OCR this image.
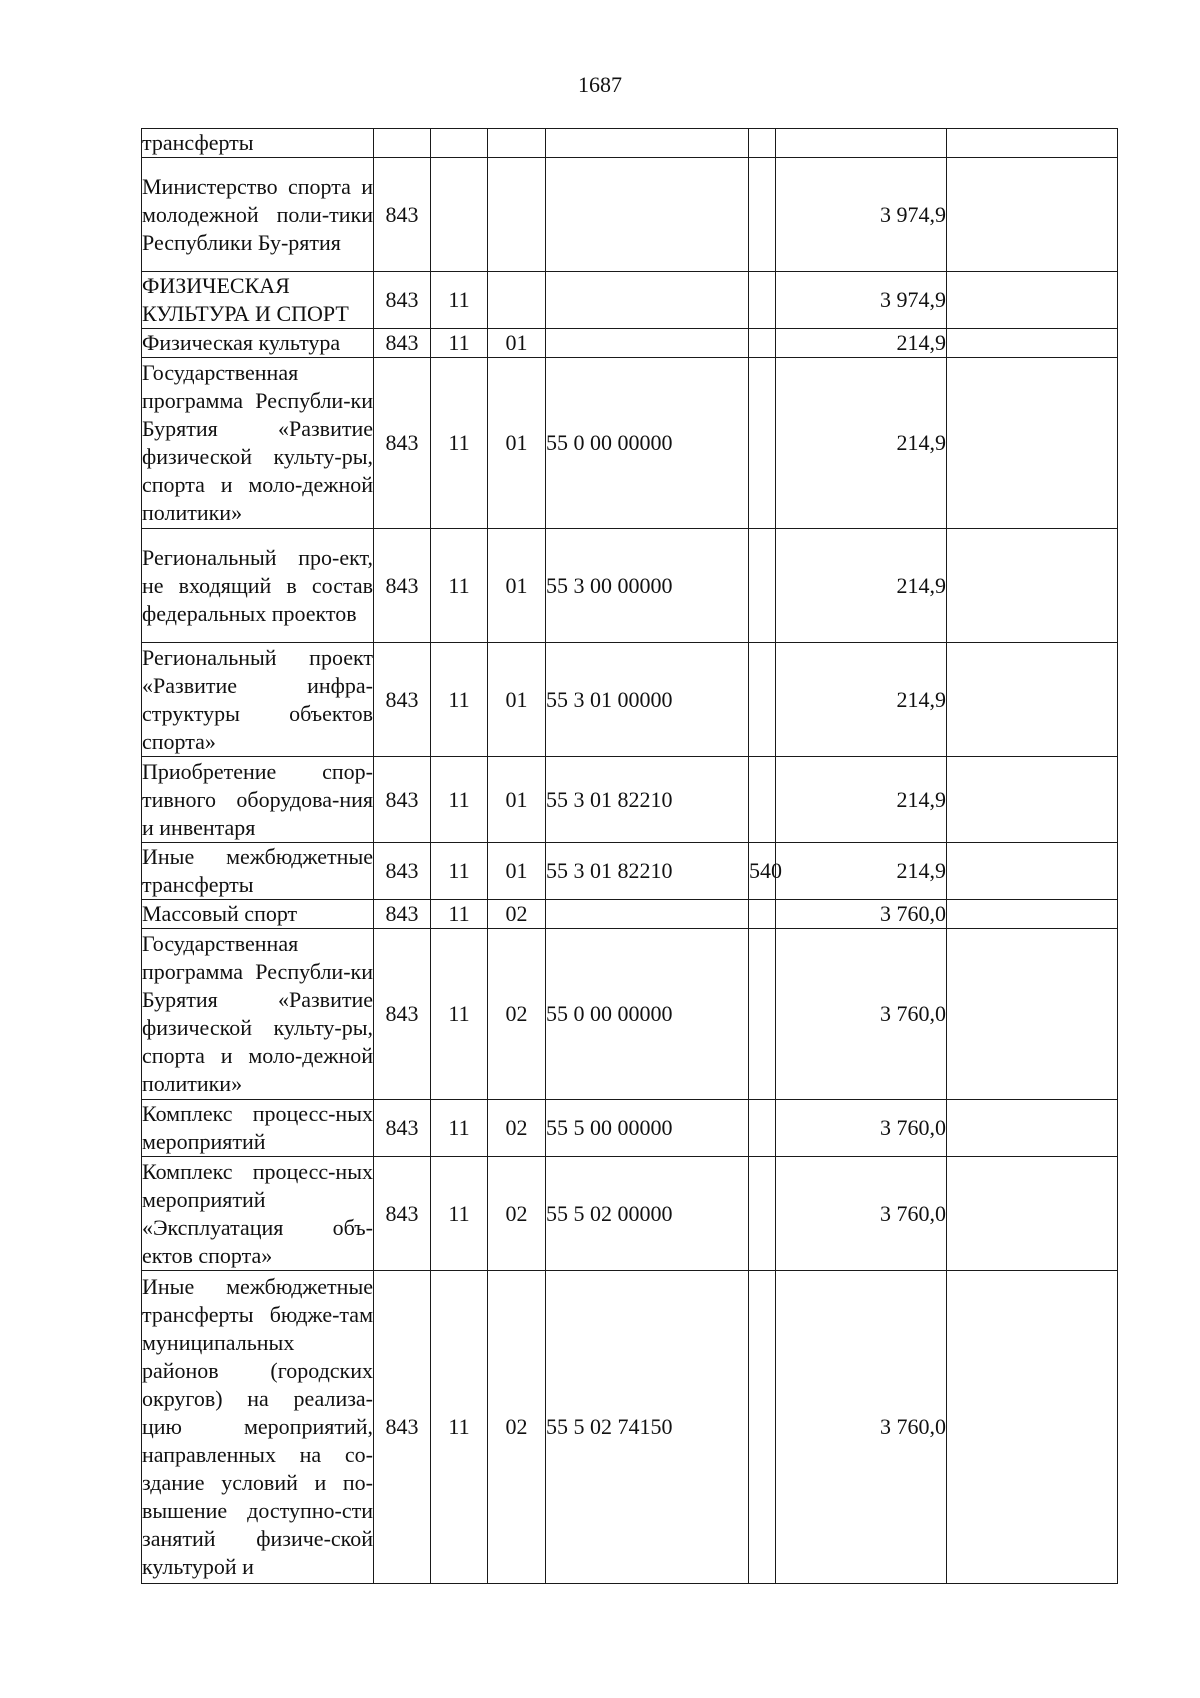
1687
трансферты							
Министерство спорта и молодежной поли-тики Республики Бу-рятия	843					3 974,9	
ФИЗИЧЕСКАЯ КУЛЬТУРА И СПОРТ	843	11				3 974,9	
Физическая культура	843	11	01			214,9	
Государственная программа Республи-ки Бурятия «Развитие физической культу-ры, спорта и моло-дежной политики»	843	11	01	55 0 00 00000		214,9	
Региональный про-ект, не входящий в состав федеральных проектов	843	11	01	55 3 00 00000		214,9	
Региональный проект «Развитие инфра-структуры объектов спорта»	843	11	01	55 3 01 00000		214,9	
Приобретение спор-тивного оборудова-ния и инвентаря	843	11	01	55 3 01 82210		214,9	
Иные межбюджетные трансферты	843	11	01	55 3 01 82210	540	214,9	
Массовый спорт	843	11	02			3 760,0	
Государственная программа Республи-ки Бурятия «Развитие физической культу-ры, спорта и моло-дежной политики»	843	11	02	55 0 00 00000		3 760,0	
Комплекс процесс-ных мероприятий	843	11	02	55 5 00 00000		3 760,0	
Комплекс процесс-ных мероприятий «Эксплуатация объ-ектов спорта»	843	11	02	55 5 02 00000		3 760,0	
Иные межбюджетные трансферты бюдже-там муниципальных районов (городских округов) на реализа-цию мероприятий, направленных на со-здание условий и по-вышение доступно-сти занятий физиче-ской культурой и	843	11	02	55 5 02 74150		3 760,0	
